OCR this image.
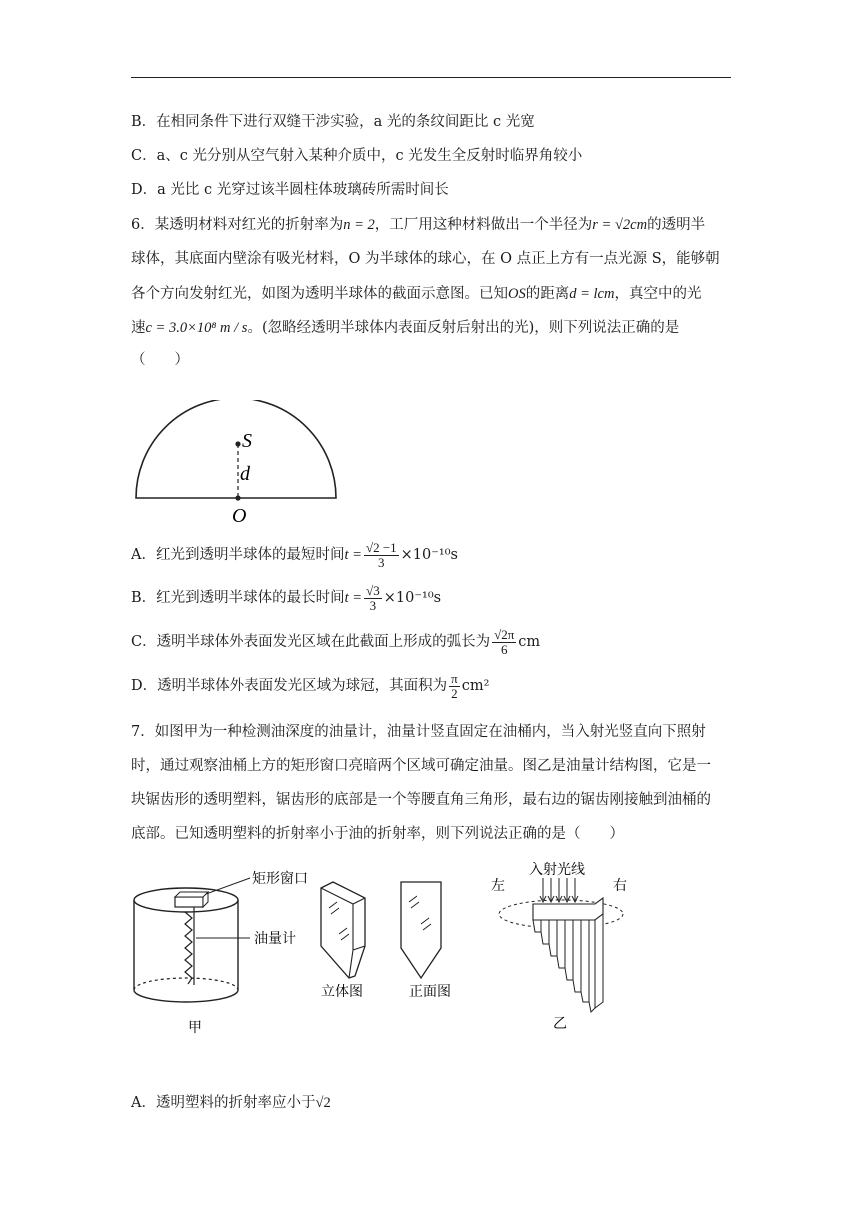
B．在相同条件下进行双缝干涉实验，a 光的条纹间距比 c 光宽
C．a、c 光分别从空气射入某种介质中，c 光发生全反射时临界角较小
D．a 光比 c 光穿过该半圆柱体玻璃砖所需时间长
6．某透明材料对红光的折射率为n = 2，工厂用这种材料做出一个半径为r = √2cm的透明半
球体，其底面内壁涂有吸光材料，O 为半球体的球心，在 O 点正上方有一点光源 S，能够朝
各个方向发射红光，如图为透明半球体的截面示意图。已知OS的距离d = lcm，真空中的光
速c = 3.0×10⁸ m / s。(忽略经透明半球体内表面反射后射出的光)，则下列说法正确的是
（　　）
S
d
O
A．红光到透明半球体的最短时间$t = \frac{√2 -1}{3} \times 10^{-10}s$
B．红光到透明半球体的最长时间$t = \frac{√3}{3} \times 10^{-10}s$
C．透明半球体外表面发光区域在此截面上形成的弧长为 $\frac{√2\pi}{6}$ cm
D．透明半球体外表面发光区域为球冠，其面积为 $\frac{\pi}{2} cm^2$
7．如图甲为一种检测油深度的油量计，油量计竖直固定在油桶内，当入射光竖直向下照射
时，通过观察油桶上方的矩形窗口亮暗两个区域可确定油量。图乙是油量计结构图，它是一
块锯齿形的透明塑料，锯齿形的底部是一个等腰直角三角形，最右边的锯齿刚接触到油桶的
底部。已知透明塑料的折射率小于油的折射率，则下列说法正确的是（　　）
矩形窗口
油量计
甲
立体图	正面图
入射光线
左	右
乙
A．透明塑料的折射率应小于√2
